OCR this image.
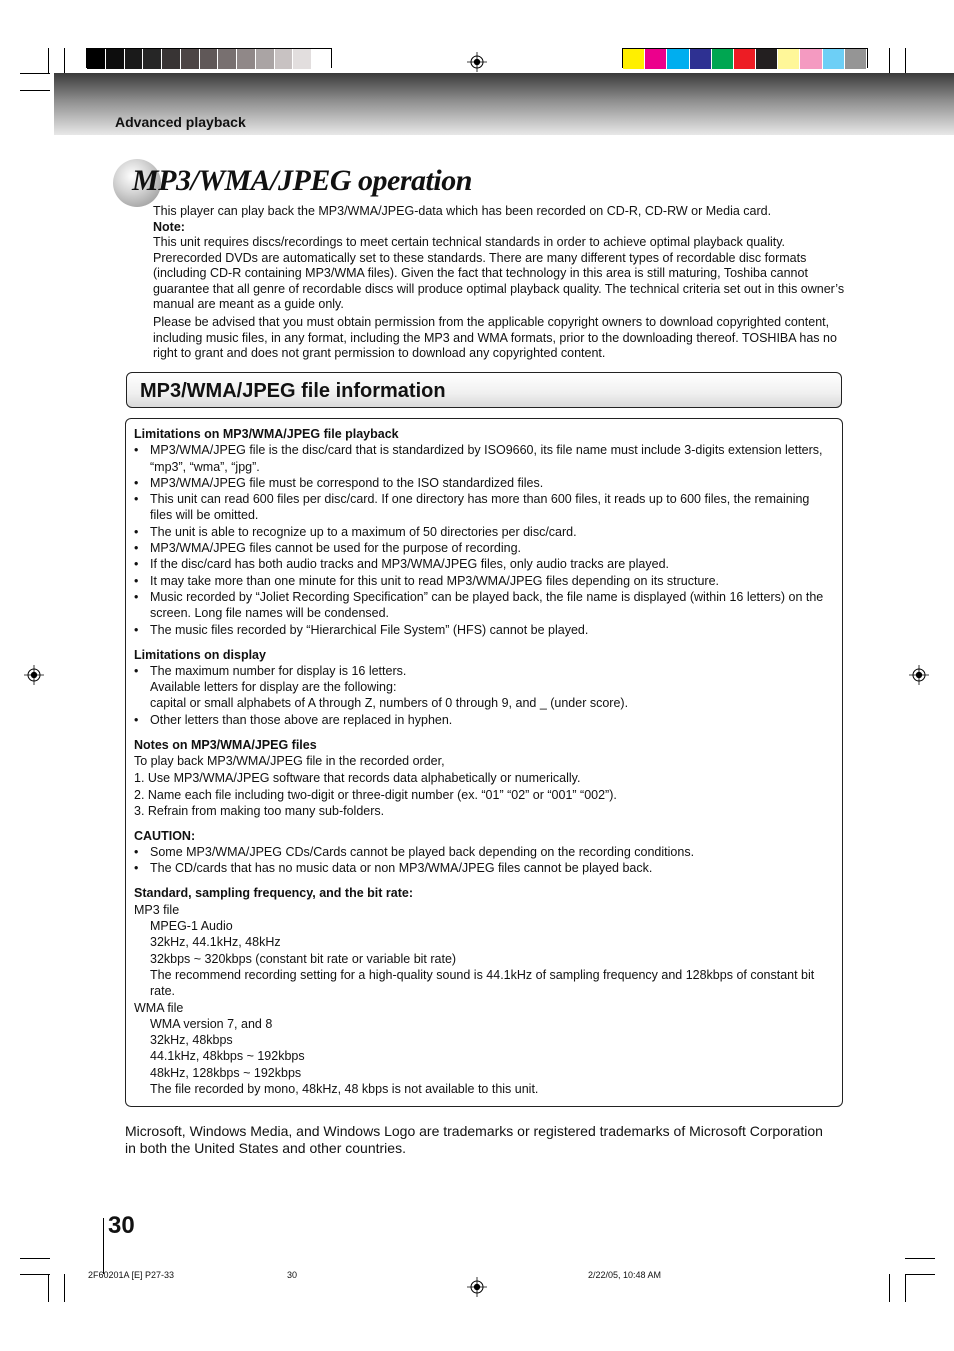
Advanced playback
MP3/WMA/JPEG operation

This player can play back the MP3/WMA/JPEG-data which has been recorded on CD-R, CD-RW or Media card.

Note:

This unit requires discs/recordings to meet certain technical standards in order to achieve optimal playback quality. Prerecorded DVDs are automatically set to these standards. There are many different types of recordable disc formats (including CD-R containing MP3/WMA files). Given the fact that technology in this area is still maturing, Toshiba cannot guarantee that all genre of recordable discs will produce optimal playback quality. The technical criteria set out in this owner’s manual are meant as a guide only.

Please be advised that you must obtain permission from the applicable copyright owners to download copyrighted content, including music files, in any format, including the MP3 and WMA formats, prior to the downloading thereof. TOSHIBA has no right to grant and does not grant permission to download any copyrighted content.

MP3/WMA/JPEG file information

Limitations on MP3/WMA/JPEG file playback

• MP3/WMA/JPEG file is the disc/card that is standardized by ISO9660, its file name must include 3-digits extension letters, “mp3”, “wma”, “jpg”.
• MP3/WMA/JPEG file must be correspond to the ISO standardized files.
• This unit can read 600 files per disc/card. If one directory has more than 600 files, it reads up to 600 files, the remaining files will be omitted.
• The unit is able to recognize up to a maximum of 50 directories per disc/card.
• MP3/WMA/JPEG files cannot be used for the purpose of recording.
• If the disc/card has both audio tracks and MP3/WMA/JPEG files, only audio tracks are played.
• It may take more than one minute for this unit to read MP3/WMA/JPEG files depending on its structure.
• Music recorded by “Joliet Recording Specification” can be played back, the file name is displayed (within 16 letters) on the screen. Long file names will be condensed.
• The music files recorded by “Hierarchical File System” (HFS) cannot be played.

Limitations on display

• The maximum number for display is 16 letters.
Available letters for display are the following:
capital or small alphabets of A through Z, numbers of 0 through 9, and _ (under score).
• Other letters than those above are replaced in hyphen.

Notes on MP3/WMA/JPEG files

To play back MP3/WMA/JPEG file in the recorded order,

1. Use MP3/WMA/JPEG software that records data alphabetically or numerically.

2. Name each file including two-digit or three-digit number (ex. “01” “02” or “001” “002”).

3. Refrain from making too many sub-folders.

CAUTION:

• Some MP3/WMA/JPEG CDs/Cards cannot be played back depending on the recording conditions.
• The CD/cards that has no music data or non MP3/WMA/JPEG files cannot be played back.

Standard, sampling frequency, and the bit rate:

MP3 file

MPEG-1 Audio

32kHz, 44.1kHz, 48kHz

32kbps ~ 320kbps (constant bit rate or variable bit rate)

The recommend recording setting for a high-quality sound is 44.1kHz of sampling frequency and 128kbps of constant bit rate.

WMA file

WMA version 7, and 8

32kHz, 48kbps

44.1kHz, 48kbps ~ 192kbps

48kHz, 128kbps ~ 192kbps

The file recorded by mono, 48kHz, 48 kbps is not available to this unit.

Microsoft, Windows Media, and Windows Logo are trademarks or registered trademarks of Microsoft Corporation in both the United States and other countries.
30
2F60201A [E] P27-33	30	2/22/05, 10:48 AM
